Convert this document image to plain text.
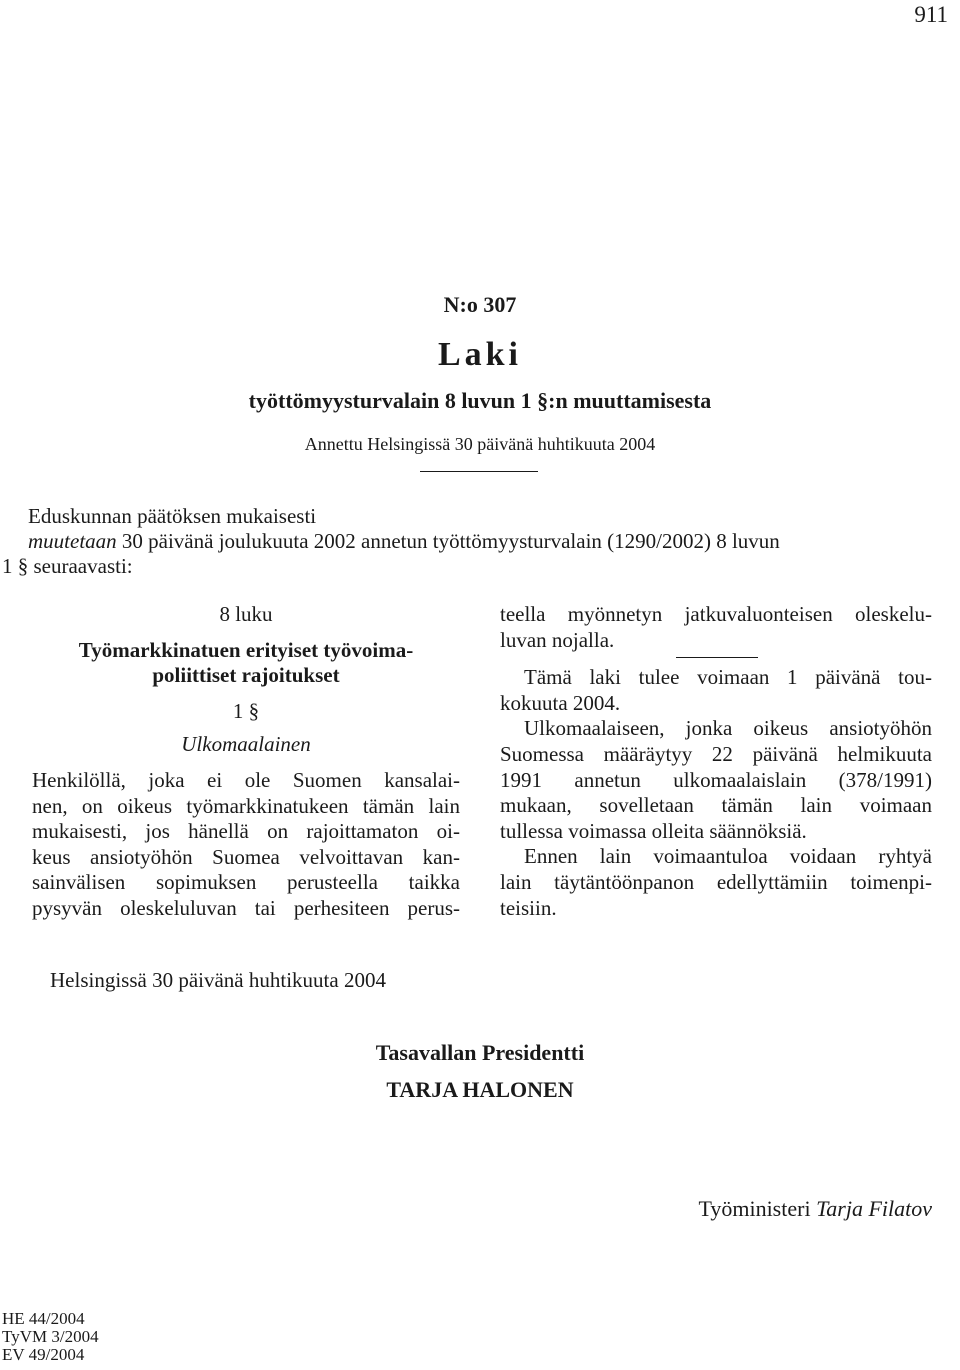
911
N:o 307
Laki
työttömyysturvalain 8 luvun 1 §:n muuttamisesta
Annettu Helsingissä 30 päivänä huhtikuuta 2004
Eduskunnan päätöksen mukaisesti
muutetaan 30 päivänä joulukuuta 2002 annetun työttömyysturvalain (1290/2002) 8 luvun
1 § seuraavasti:
8 luku
Työmarkkinatuen erityiset työvoima-
poliittiset rajoitukset
1 §
Ulkomaalainen
Henkilöllä, joka ei ole Suomen kansalai-
nen, on oikeus työmarkkinatukeen tämän lain
mukaisesti, jos hänellä on rajoittamaton oi-
keus ansiotyöhön Suomea velvoittavan kan-
sainvälisen sopimuksen perusteella taikka
pysyvän oleskeluluvan tai perhesiteen perus-
teella myönnetyn jatkuvaluonteisen oleskelu-
luvan nojalla.
Tämä laki tulee voimaan 1 päivänä tou-
kokuuta 2004.
Ulkomaalaiseen, jonka oikeus ansiotyöhön
Suomessa määräytyy 22 päivänä helmikuuta
1991 annetun ulkomaalaislain (378/1991)
mukaan, sovelletaan tämän lain voimaan
tullessa voimassa olleita säännöksiä.
Ennen lain voimaantuloa voidaan ryhtyä
lain täytäntöönpanon edellyttämiin toimenpi-
teisiin.
Helsingissä 30 päivänä huhtikuuta 2004
Tasavallan Presidentti
TARJA HALONEN
Työministeri Tarja Filatov
HE 44/2004
TyVM 3/2004
EV 49/2004
